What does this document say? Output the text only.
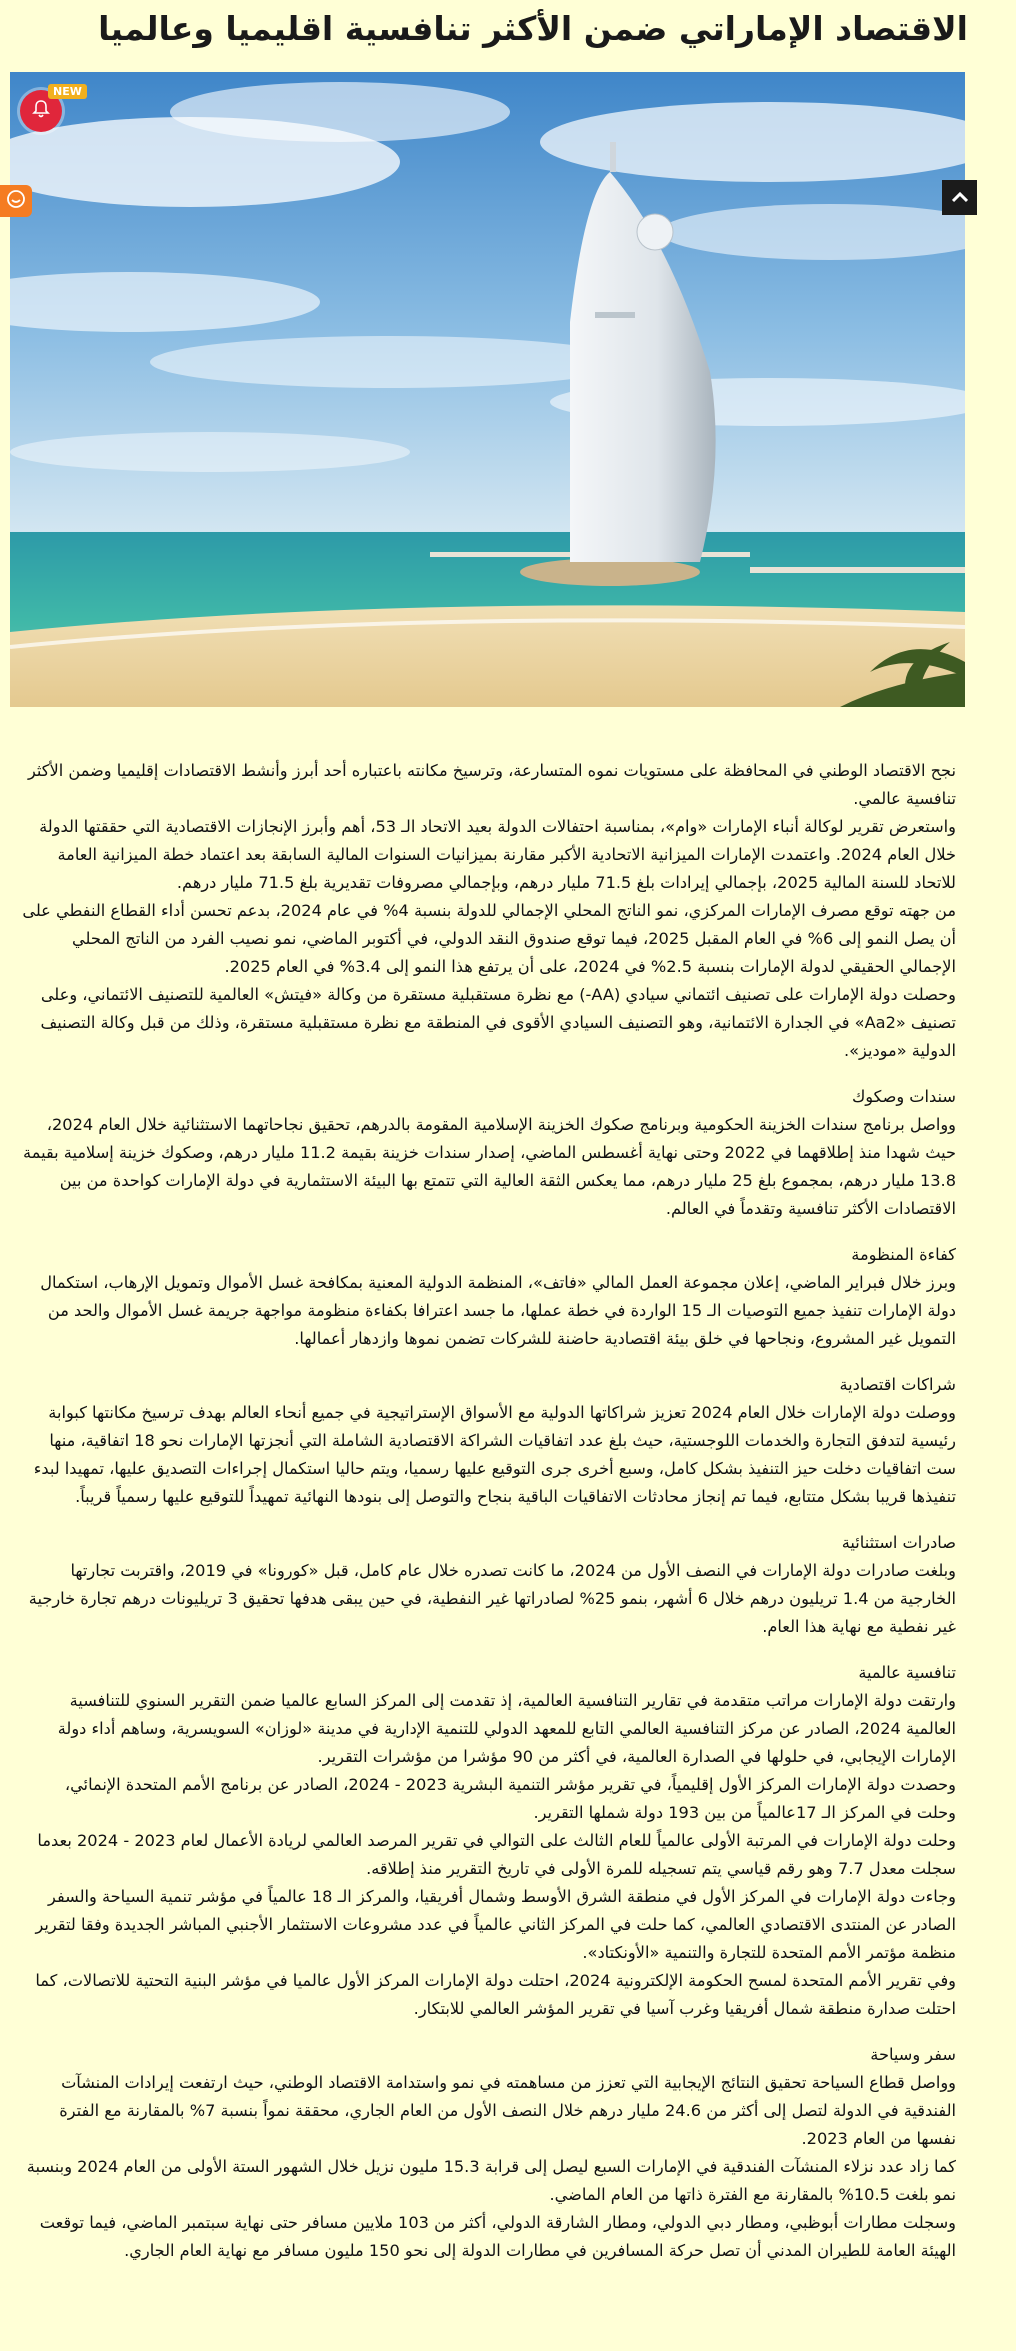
الاقتصاد الإماراتي ضمن الأكثر تنافسية اقليميا وعالميا
NEW

نجح الاقتصاد الوطني في المحافظة على مستويات نموه المتسارعة، وترسيخ مكانته باعتباره أحد أبرز وأنشط الاقتصادات إقليميا وضمن الأكثر تنافسية عالمي.

واستعرض تقرير لوكالة أنباء الإمارات «وام»، بمناسبة احتفالات الدولة بعيد الاتحاد الـ 53، أهم وأبرز الإنجازات الاقتصادية التي حققتها الدولة خلال العام 2024. واعتمدت الإمارات الميزانية الاتحادية الأكبر مقارنة بميزانيات السنوات المالية السابقة بعد اعتماد خطة الميزانية العامة للاتحاد للسنة المالية 2025، بإجمالي إيرادات بلغ 71.5 مليار درهم، وبإجمالي مصروفات تقديرية بلغ 71.5 مليار درهم.

من جهته توقع مصرف الإمارات المركزي، نمو الناتج المحلي الإجمالي للدولة بنسبة 4% في عام 2024، بدعم تحسن أداء القطاع النفطي على أن يصل النمو إلى 6% في العام المقبل 2025، فيما توقع صندوق النقد الدولي، في أكتوبر الماضي، نمو نصيب الفرد من الناتج المحلي الإجمالي الحقيقي لدولة الإمارات بنسبة 2.5% في 2024، على أن يرتفع هذا النمو إلى 3.4% في العام 2025.

وحصلت دولة الإمارات على تصنيف ائتماني سيادي (AA-) مع نظرة مستقبلية مستقرة من وكالة «فيتش» العالمية للتصنيف الائتماني، وعلى تصنيف «Aa2» في الجدارة الائتمانية، وهو التصنيف السيادي الأقوى في المنطقة مع نظرة مستقبلية مستقرة، وذلك من قبل وكالة التصنيف الدولية «موديز».

سندات وصكوك

وواصل برنامج سندات الخزينة الحكومية وبرنامج صكوك الخزينة الإسلامية المقومة بالدرهم، تحقيق نجاحاتهما الاستثنائية خلال العام 2024، حيث شهدا منذ إطلاقهما في 2022 وحتى نهاية أغسطس الماضي، إصدار سندات خزينة بقيمة 11.2 مليار درهم، وصكوك خزينة إسلامية بقيمة 13.8 مليار درهم، بمجموع بلغ 25 مليار درهم، مما يعكس الثقة العالية التي تتمتع بها البيئة الاستثمارية في دولة الإمارات كواحدة من بين الاقتصادات الأكثر تنافسية وتقدماً في العالم.

كفاءة المنظومة

وبرز خلال فبراير الماضي، إعلان مجموعة العمل المالي «فاتف»، المنظمة الدولية المعنية بمكافحة غسل الأموال وتمويل الإرهاب، استكمال دولة الإمارات تنفيذ جميع التوصيات الـ 15 الواردة في خطة عملها، ما جسد اعترافا بكفاءة منظومة مواجهة جريمة غسل الأموال والحد من التمويل غير المشروع، ونجاحها في خلق بيئة اقتصادية حاضنة للشركات تضمن نموها وازدهار أعمالها.

شراكات اقتصادية

ووصلت دولة الإمارات خلال العام 2024 تعزيز شراكاتها الدولية مع الأسواق الإستراتيجية في جميع أنحاء العالم بهدف ترسيخ مكانتها كبوابة رئيسية لتدفق التجارة والخدمات اللوجستية، حيث بلغ عدد اتفاقيات الشراكة الاقتصادية الشاملة التي أنجزتها الإمارات نحو 18 اتفاقية، منها ست اتفاقيات دخلت حيز التنفيذ بشكل كامل، وسبع أخرى جرى التوقيع عليها رسميا، ويتم حاليا استكمال إجراءات التصديق عليها، تمهيدا لبدء تنفيذها قريبا بشكل متتابع، فيما تم إنجاز محادثات الاتفاقيات الباقية بنجاح والتوصل إلى بنودها النهائية تمهيداً للتوقيع عليها رسمياً قريباً.

صادرات استثنائية

وبلغت صادرات دولة الإمارات في النصف الأول من 2024، ما كانت تصدره خلال عام كامل، قبل «كورونا» في 2019، واقتربت تجارتها الخارجية من 1.4 تريليون درهم خلال 6 أشهر، بنمو 25% لصادراتها غير النفطية، في حين يبقى هدفها تحقيق 3 تريليونات درهم تجارة خارجية غير نفطية مع نهاية هذا العام.

تنافسية عالمية

وارتقت دولة الإمارات مراتب متقدمة في تقارير التنافسية العالمية، إذ تقدمت إلى المركز السابع عالميا ضمن التقرير السنوي للتنافسية العالمية 2024، الصادر عن مركز التنافسية العالمي التابع للمعهد الدولي للتنمية الإدارية في مدينة «لوزان» السويسرية، وساهم أداء دولة الإمارات الإيجابي، في حلولها في الصدارة العالمية، في أكثر من 90 مؤشرا من مؤشرات التقرير.

وحصدت دولة الإمارات المركز الأول إقليمياً، في تقرير مؤشر التنمية البشرية 2023 - 2024، الصادر عن برنامج الأمم المتحدة الإنمائي، وحلت في المركز الـ 17عالمياً من بين 193 دولة شملها التقرير.

وحلت دولة الإمارات في المرتبة الأولى عالمياً للعام الثالث على التوالي في تقرير المرصد العالمي لريادة الأعمال لعام 2023 - 2024 بعدما سجلت معدل 7.7 وهو رقم قياسي يتم تسجيله للمرة الأولى في تاريخ التقرير منذ إطلاقه.

وجاءت دولة الإمارات في المركز الأول في منطقة الشرق الأوسط وشمال أفريقيا، والمركز الـ 18 عالمياً في مؤشر تنمية السياحة والسفر الصادر عن المنتدى الاقتصادي العالمي، كما حلت في المركز الثاني عالمياً في عدد مشروعات الاستثمار الأجنبي المباشر الجديدة وفقا لتقرير منظمة مؤتمر الأمم المتحدة للتجارة والتنمية «الأونكتاد».

وفي تقرير الأمم المتحدة لمسح الحكومة الإلكترونية 2024، احتلت دولة الإمارات المركز الأول عالميا في مؤشر البنية التحتية للاتصالات، كما احتلت صدارة منطقة شمال أفريقيا وغرب آسيا في تقرير المؤشر العالمي للابتكار.

سفر وسياحة

وواصل قطاع السياحة تحقيق النتائج الإيجابية التي تعزز من مساهمته في نمو واستدامة الاقتصاد الوطني، حيث ارتفعت إيرادات المنشآت الفندقية في الدولة لتصل إلى أكثر من 24.6 مليار درهم خلال النصف الأول من العام الجاري، محققة نمواً بنسبة 7% بالمقارنة مع الفترة نفسها من العام 2023.

كما زاد عدد نزلاء المنشآت الفندقية في الإمارات السبع ليصل إلى قرابة 15.3 مليون نزيل خلال الشهور الستة الأولى من العام 2024 وبنسبة نمو بلغت 10.5% بالمقارنة مع الفترة ذاتها من العام الماضي.

وسجلت مطارات أبوظبي، ومطار دبي الدولي، ومطار الشارقة الدولي، أكثر من 103 ملايين مسافر حتى نهاية سبتمبر الماضي، فيما توقعت الهيئة العامة للطيران المدني أن تصل حركة المسافرين في مطارات الدولة إلى نحو 150 مليون مسافر مع نهاية العام الجاري.
